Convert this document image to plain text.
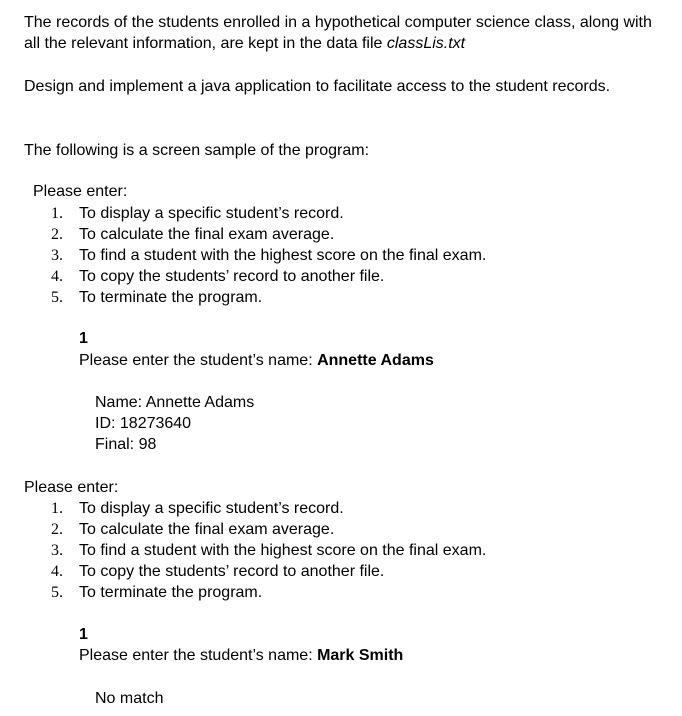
The records of the students enrolled in a hypothetical computer science class, along with all the relevant information, are kept in the data file classLis.txt

Design and implement a java application to facilitate access to the student records.

The following is a screen sample of the program:

Please enter:

1. To display a specific student’s record.
2. To calculate the final exam average.
3. To find a student with the highest score on the final exam.
4. To copy the students’ record to another file.
5. To terminate the program.

1

Please enter the student’s name: Annette Adams

Name: Annette Adams

ID: 18273640

Final: 98

Please enter:

1. To display a specific student’s record.
2. To calculate the final exam average.
3. To find a student with the highest score on the final exam.
4. To copy the students’ record to another file.
5. To terminate the program.

1

Please enter the student’s name: Mark Smith

No match
